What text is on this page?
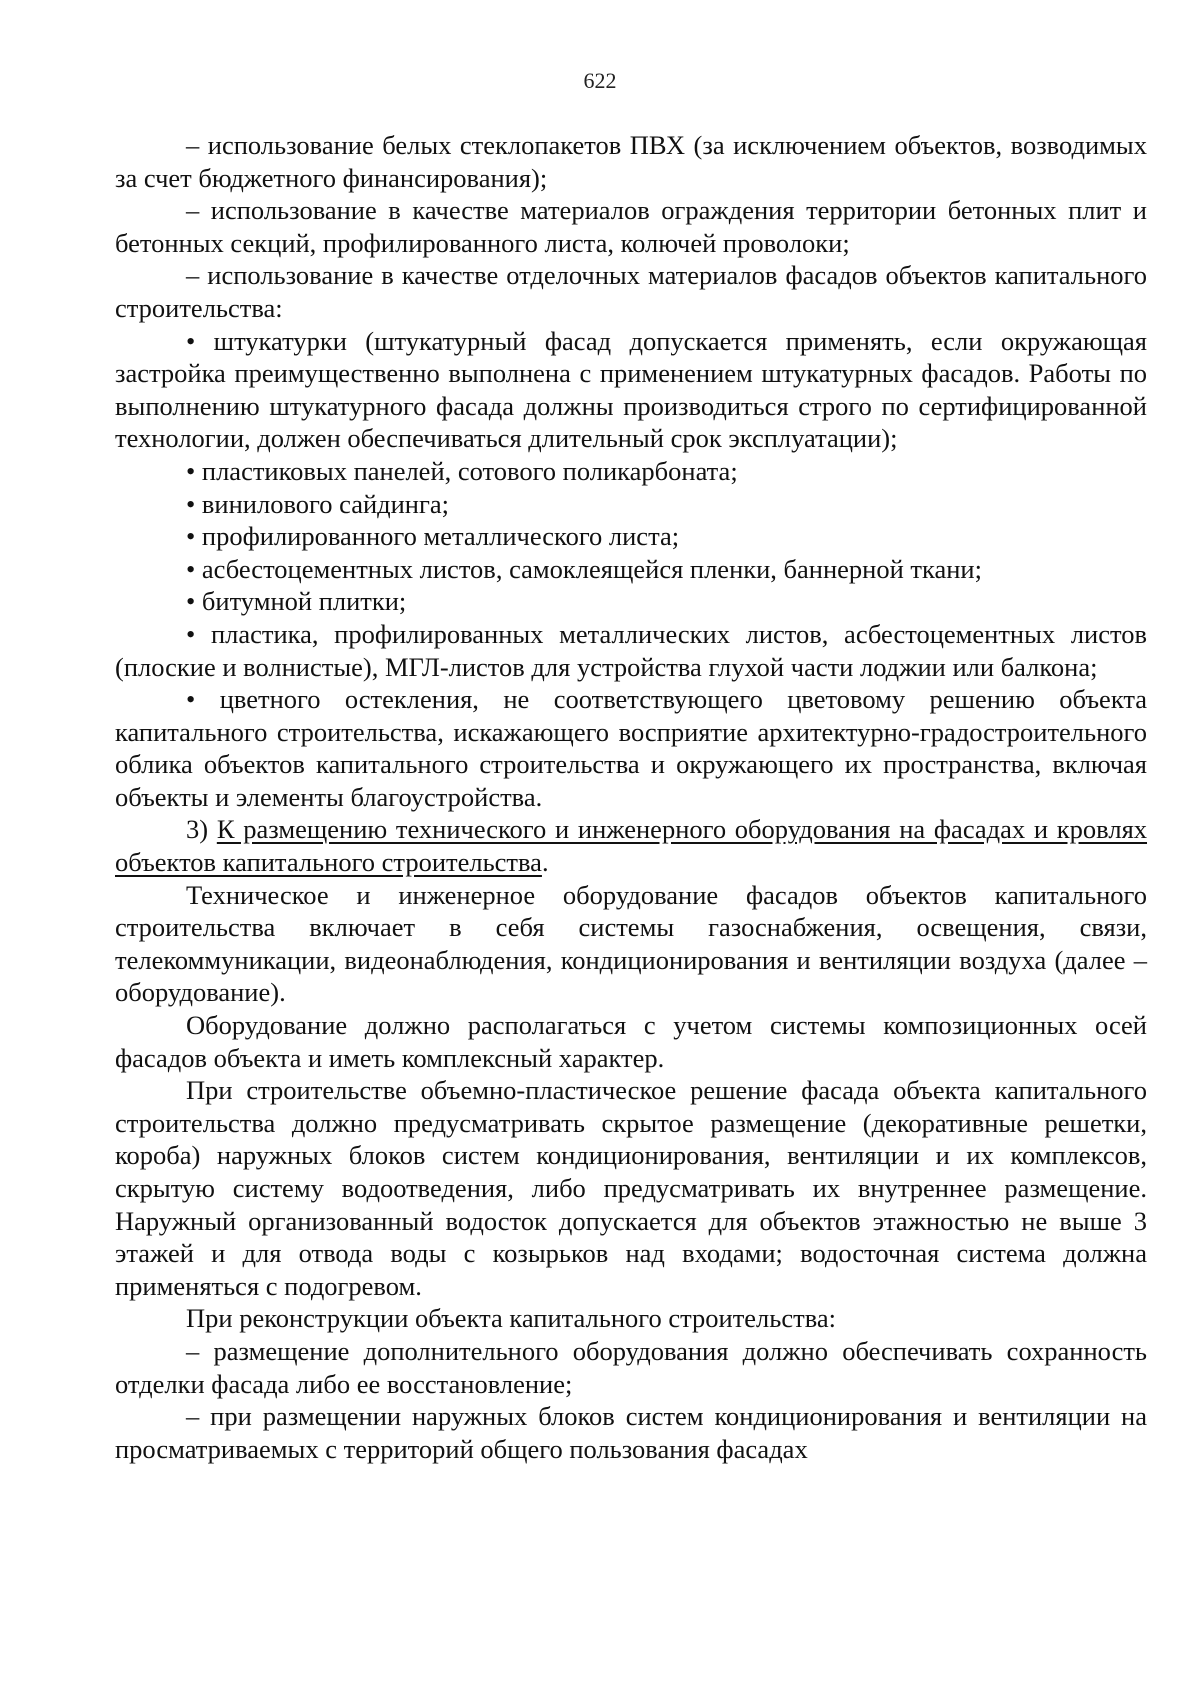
622

– использование белых стеклопакетов ПВХ (за исключением объектов, возводимых за счет бюджетного финансирования);

– использование в качестве материалов ограждения территории бетонных плит и бетонных секций, профилированного листа, колючей проволоки;

– использование в качестве отделочных материалов фасадов объектов капитального строительства:

• штукатурки (штукатурный фасад допускается применять, если окружающая застройка преимущественно выполнена с применением штукатурных фасадов. Работы по выполнению штукатурного фасада должны производиться строго по сертифицированной технологии, должен обеспечиваться длительный срок эксплуатации);

• пластиковых панелей, сотового поликарбоната;

• винилового сайдинга;

• профилированного металлического листа;

• асбестоцементных листов, самоклеящейся пленки, баннерной ткани;

• битумной плитки;

• пластика, профилированных металлических листов, асбестоцементных листов (плоские и волнистые), МГЛ-листов для устройства глухой части лоджии или балкона;

• цветного остекления, не соответствующего цветовому решению объекта капитального строительства, искажающего восприятие архитектурно-градостроительного облика объектов капитального строительства и окружающего их пространства, включая объекты и элементы благоустройства.

3) К размещению технического и инженерного оборудования на фасадах и кровлях объектов капитального строительства.

Техническое и инженерное оборудование фасадов объектов капитального строительства включает в себя системы газоснабжения, освещения, связи, телекоммуникации, видеонаблюдения, кондиционирования и вентиляции воздуха (далее – оборудование).

Оборудование должно располагаться с учетом системы композиционных осей фасадов объекта и иметь комплексный характер.

При строительстве объемно-пластическое решение фасада объекта капитального строительства должно предусматривать скрытое размещение (декоративные решетки, короба) наружных блоков систем кондиционирования, вентиляции и их комплексов, скрытую систему водоотведения, либо предусматривать их внутреннее размещение. Наружный организованный водосток допускается для объектов этажностью не выше 3 этажей и для отвода воды с козырьков над входами; водосточная система должна применяться с подогревом.

При реконструкции объекта капитального строительства:

– размещение дополнительного оборудования должно обеспечивать сохранность отделки фасада либо ее восстановление;

– при размещении наружных блоков систем кондиционирования и вентиляции на просматриваемых с территорий общего пользования фасадах
